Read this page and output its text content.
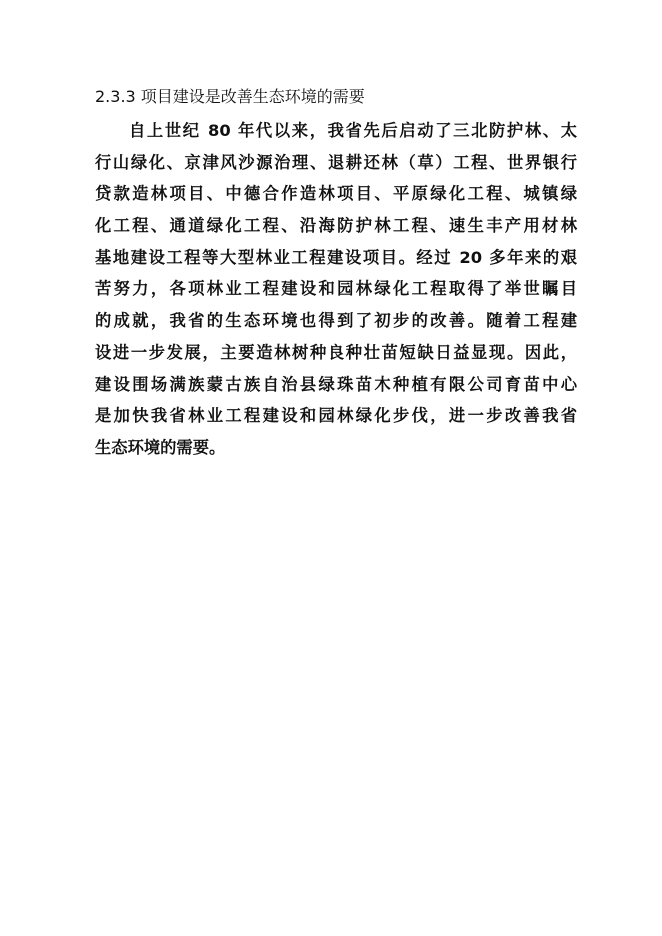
2.3.3 项目建设是改善生态环境的需要

自上世纪 80 年代以来，我省先后启动了三北防护林、太
行山绿化、京津风沙源治理、退耕还林（草）工程、世界银行
贷款造林项目、中德合作造林项目、平原绿化工程、城镇绿
化工程、通道绿化工程、沿海防护林工程、速生丰产用材林
基地建设工程等大型林业工程建设项目。经过 20 多年来的艰
苦努力，各项林业工程建设和园林绿化工程取得了举世瞩目
的成就，我省的生态环境也得到了初步的改善。随着工程建
设进一步发展，主要造林树种良种壮苗短缺日益显现。因此，
建设围场满族蒙古族自治县绿珠苗木种植有限公司育苗中心
是加快我省林业工程建设和园林绿化步伐，进一步改善我省
生态环境的需要。
